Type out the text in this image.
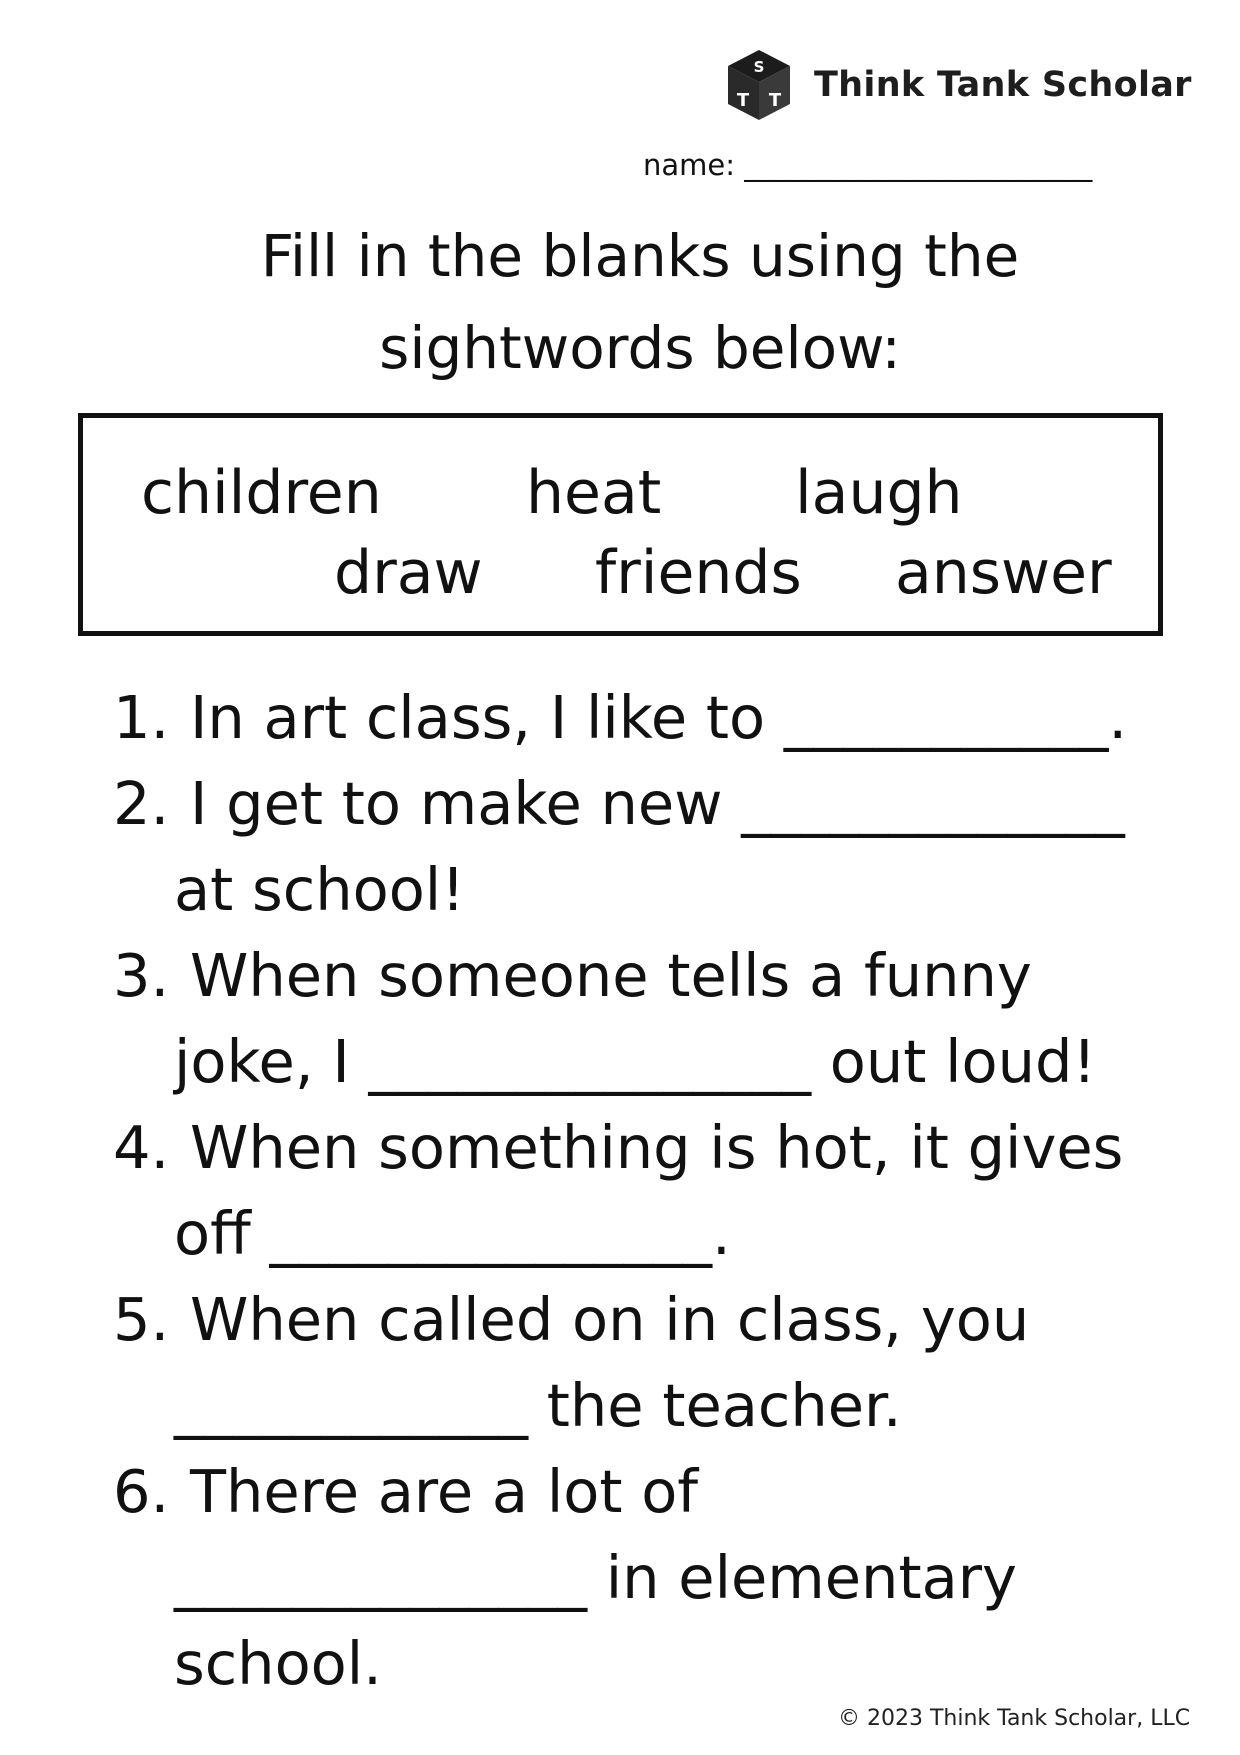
S
T T Think Tank Scholar
name: ________________________
Fill in the blanks using the
sightwords below:
children heat laugh
draw friends answer
1. In art class, I like to ___________.
2. I get to make new _____________
at school!
3. When someone tells a funny
joke, I _______________ out loud!
4. When something is hot, it gives
off _______________.
5. When called on in class, you
____________ the teacher.
6. There are a lot of
______________ in elementary
school.
© 2023 Think Tank Scholar, LLC
